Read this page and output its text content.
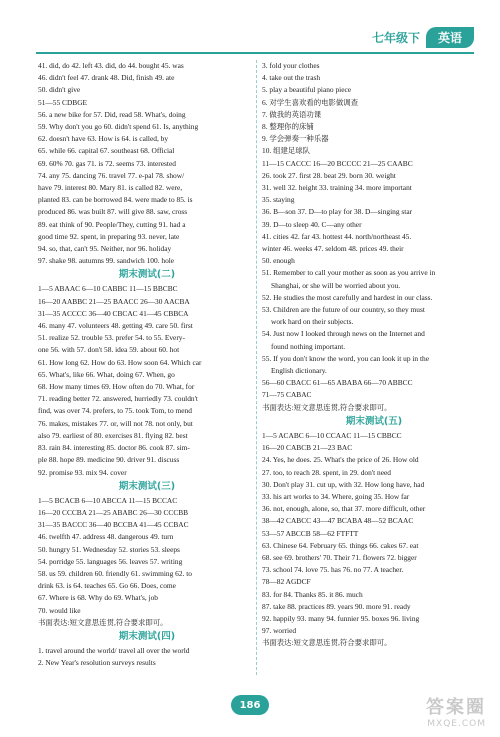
七年级下	英语
41. did, do 42. left 43. did, do 44. bought 45. was
46. didn't feel 47. drank 48. Did, finish 49. ate
50. didn't give
51—55 CDBGE
56. a new bike for 57. Did, read 58. What's, doing
59. Why don't you go 60. didn't spend 61. Is, anything
62. doesn't have 63. How is 64. is called, by
65. while 66. capital 67. southeast 68. Official
69. 60% 70. gas 71. is 72. seems 73. interested
74. any 75. dancing 76. travel 77. e-pal 78. show/
have 79. interest 80. Mary 81. is called 82. were,
planted 83. can be borrowed 84. were made to 85. is
produced 86. was built 87. will give 88. saw, cross
89. eat think of 90. People/They, cutting 91. had a
good time 92. spent, in preparing 93. never, late
94. so, that, can't 95. Neither, nor 96. holiday
97. shake 98. autumns 99. sandwich 100. hole
期末测试(二)
1—5 ABAAC 6—10 CABBC 11—15 BBCBC
16—20 AABBC 21—25 BAACC 26—30 AACBA
31—35 ACCCC 36—40 CBCAC 41—45 CBBCA
46. many 47. volunteers 48. getting 49. care 50. first
51. realize 52. trouble 53. prefer 54. to 55. Every-
one 56. with 57. don't 58. idea 59. about 60. hot
61. How long 62. How do 63. How soon 64. Which car
65. What's, like 66. What, doing 67. When, go
68. How many times 69. How often do 70. What, for
71. reading better 72. answered, hurriedly 73. couldn't
find, was over 74. prefers, to 75. took Tom, to mend
76. makes, mistakes 77. or, will not 78. not only, but
also 79. earliest of 80. exercises 81. flying 82. best
83. rain 84. interesting 85. doctor 86. cook 87. sim-
ple 88. hope 89. medicine 90. driver 91. discuss
92. promise 93. mix 94. cover
期末测试(三)
1—5 BCACB 6—10 ABCCA 11—15 BCCAC
16—20 CCCBA 21—25 ABABC 26—30 CCCBB
31—35 BACCC 36—40 BCCBA 41—45 CCBAC
46. twelfth 47. address 48. dangerous 49. turn
50. hungry 51. Wednesday 52. stories 53. sleeps
54. porridge 55. languages 56. leaves 57. writing
58. us 59. children 60. friendly 61. swimming 62. to
drink 63. is 64. teaches 65. Go 66. Does, come
67. Where is 68. Why do 69. What's, job
70. would like
书面表达:短文意思连贯,符合要求即可。
期末测试(四)
1. travel around the world/ travel all over the world
2. New Year's resolution surveys results
3. fold your clothes
4. take out the trash
5. play a beautiful piano piece
6. 对学生喜欢看的电影做调查
7. 做我的英语功课
8. 整理你的床铺
9. 学会弹奏一种乐器
10. 组建足球队
11—15 CACCC 16—20 BCCCC 21—25 CAABC
26. took 27. first 28. beat 29. born 30. weight
31. well 32. height 33. training 34. more important
35. staying
36. B—son 37. D—to play for 38. D—singing star
39. D—to sleep 40. C—any other
41. cities 42. far 43. hottest 44. north/northeast 45.
winter 46. weeks 47. seldom 48. prices 49. their
50. enough
51. Remember to call your mother as soon as you arrive in
Shanghai, or she will be worried about you.
52. He studies the most carefully and hardest in our class.
53. Children are the future of our country, so they must
work hard on their subjects.
54. Just now I looked through news on the Internet and
found nothing important.
55. If you don't know the word, you can look it up in the
English dictionary.
56—60 CBACC 61—65 ABABA 66—70 ABBCC
71—75 CABAC
书面表达:短文意思连贯,符合要求即可。
期末测试(五)
1—5 ACABC 6—10 CCAAC 11—15 CBBCC
16—20 CABCB 21—23 BAC
24. Yes, he does. 25. What's the price of 26. How old
27. too, to reach 28. spent, in 29. don't need
30. Don't play 31. cut up, with 32. How long have, had
33. his art works to 34. Where, going 35. How far
36. not, enough, alone, so, that 37. more difficult, other
38—42 CABCC 43—47 BCABA 48—52 BCAAC
53—57 ABCCB 58—62 FTFTT
63. Chinese 64. February 65. things 66. cakes 67. eat
68. see 69. brothers' 70. Their 71. flowers 72. bigger
73. school 74. love 75. has 76. no 77. A teacher.
78—82 AGDCF
83. for 84. Thanks 85. it 86. much
87. take 88. practices 89. years 90. more 91. ready
92. happily 93. many 94. funnier 95. boxes 96. living
97. worried
书面表达:短文意思连贯,符合要求即可。
186	答案圈
MXQE.COM
